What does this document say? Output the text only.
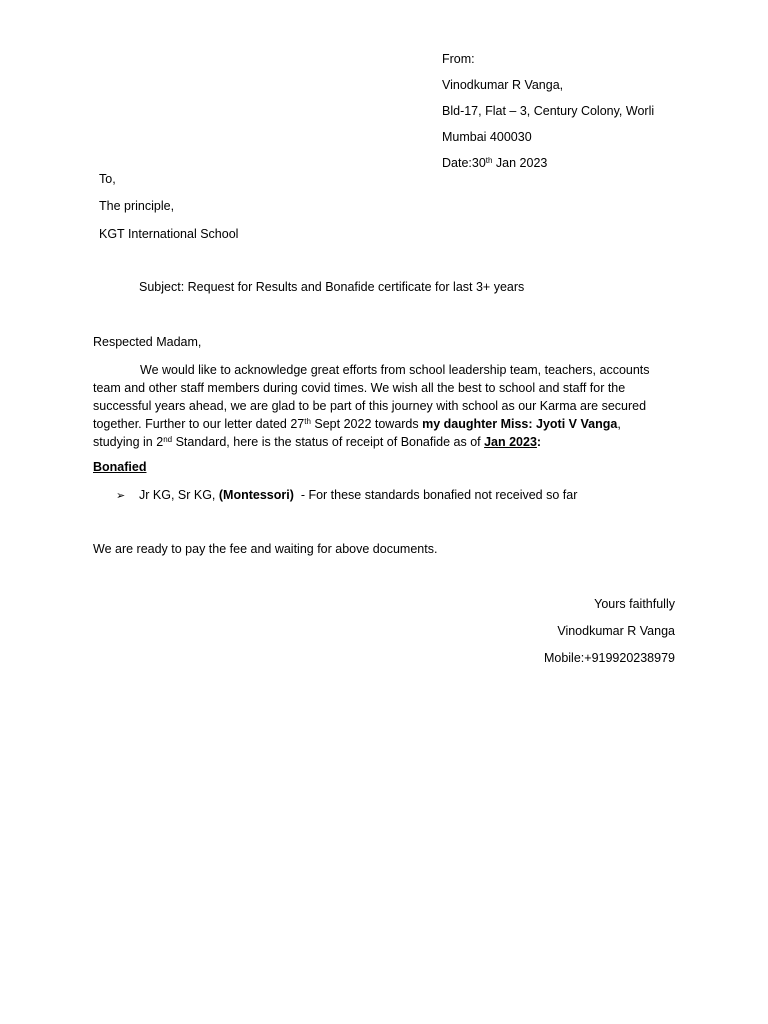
From:
Vinodkumar R Vanga,
Bld-17, Flat – 3, Century Colony, Worli
Mumbai 400030
Date:30th Jan 2023
To,
The principle,
KGT International School
Subject: Request for Results and Bonafide certificate for last 3+ years
Respected Madam,
We would like to acknowledge great efforts from school leadership team, teachers, accounts
team and other staff members during covid times. We wish all the best to school and staff for the
successful years ahead, we are glad to be part of this journey with school as our Karma are secured
together. Further to our letter dated 27th Sept 2022 towards my daughter Miss: Jyoti V Vanga,
studying in 2nd Standard, here is the status of receipt of Bonafide as of Jan 2023:
Bonafied
➢ Jr KG, Sr KG, (Montessori)  - For these standards bonafied not received so far
We are ready to pay the fee and waiting for above documents.
Yours faithfully
Vinodkumar R Vanga
Mobile:+919920238979
